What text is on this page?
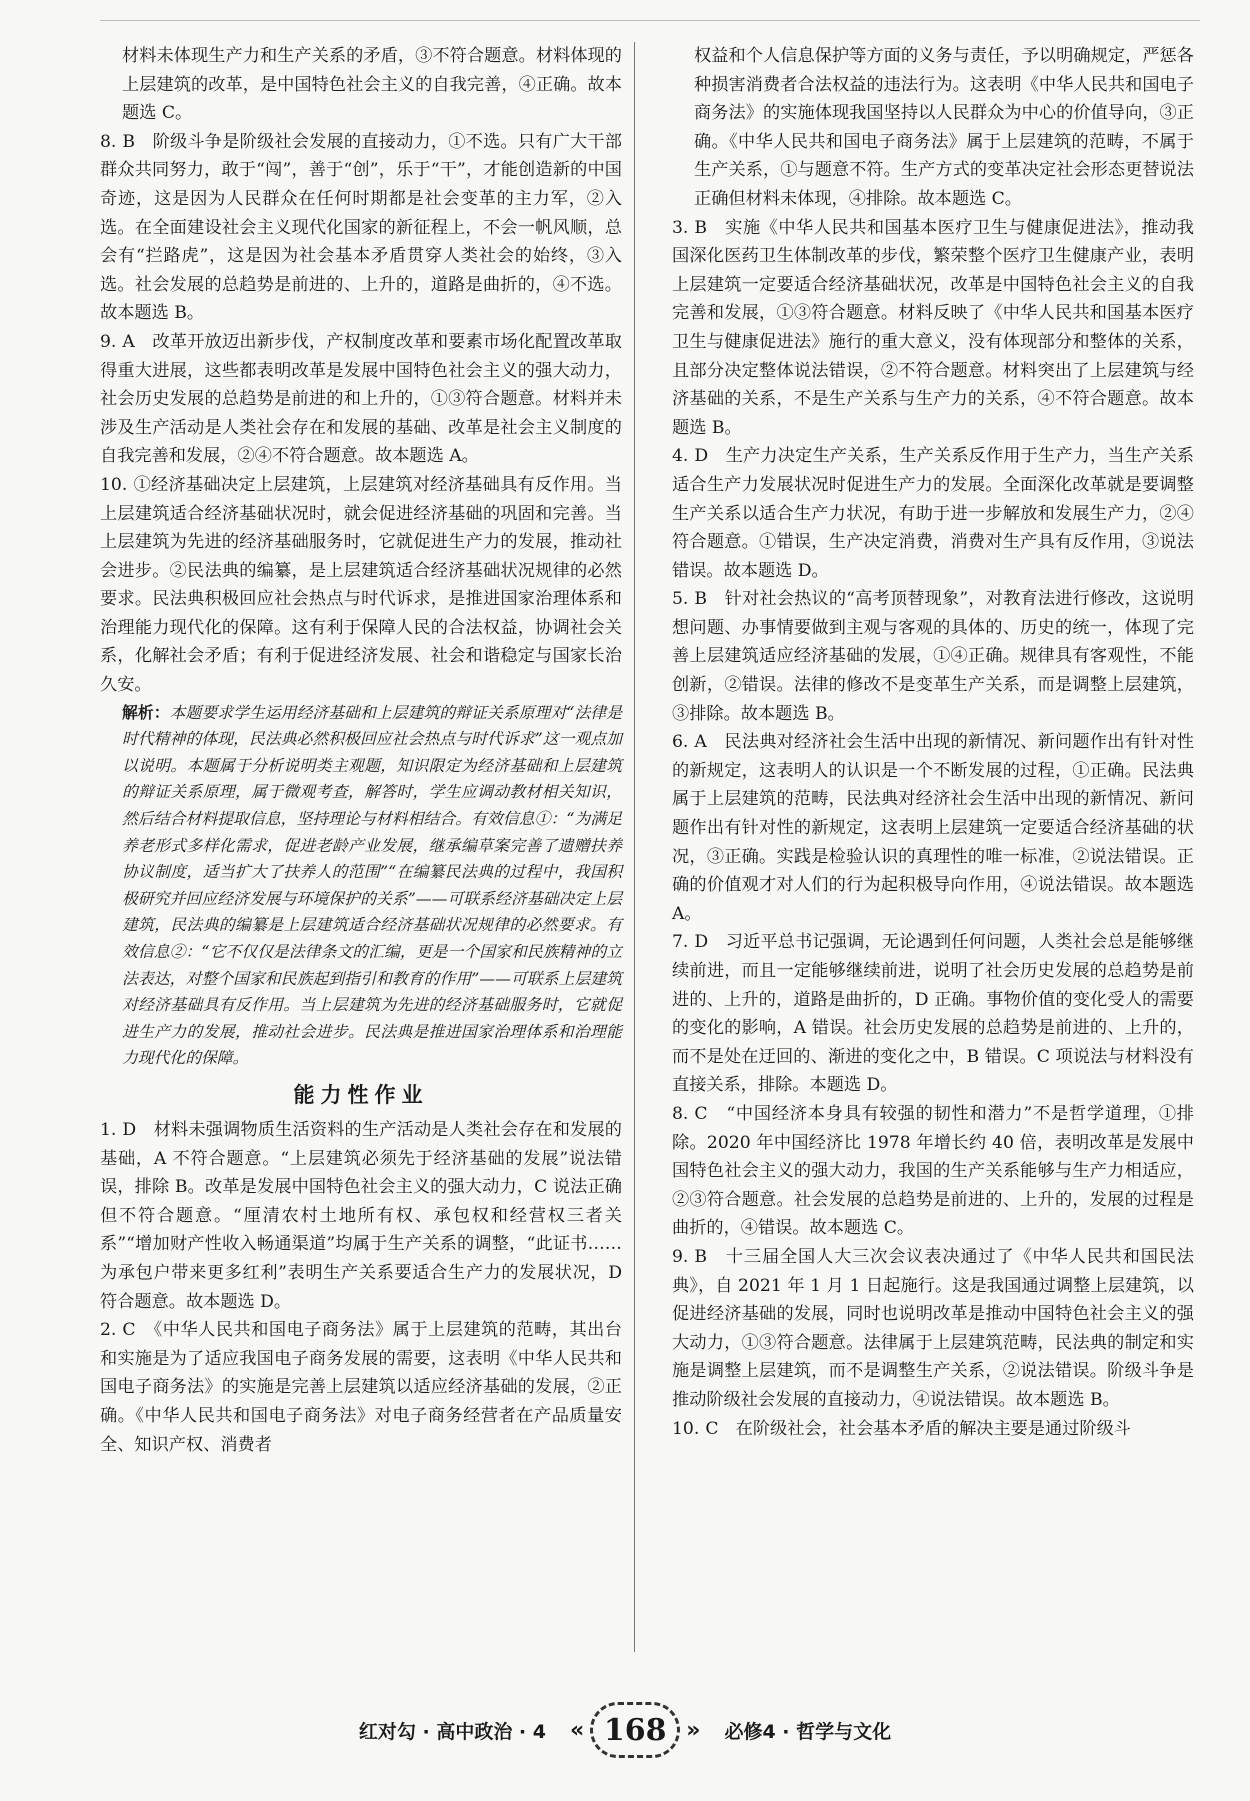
材料未体现生产力和生产关系的矛盾，③不符合题意。材料体现的上层建筑的改革，是中国特色社会主义的自我完善，④正确。故本题选 C。

8. B　阶级斗争是阶级社会发展的直接动力，①不选。只有广大干部群众共同努力，敢于“闯”，善于“创”，乐于“干”，才能创造新的中国奇迹，这是因为人民群众在任何时期都是社会变革的主力军，②入选。在全面建设社会主义现代化国家的新征程上，不会一帆风顺，总会有“拦路虎”，这是因为社会基本矛盾贯穿人类社会的始终，③入选。社会发展的总趋势是前进的、上升的，道路是曲折的，④不选。故本题选 B。

9. A　改革开放迈出新步伐，产权制度改革和要素市场化配置改革取得重大进展，这些都表明改革是发展中国特色社会主义的强大动力，社会历史发展的总趋势是前进的和上升的，①③符合题意。材料并未涉及生产活动是人类社会存在和发展的基础、改革是社会主义制度的自我完善和发展，②④不符合题意。故本题选 A。

10. ①经济基础决定上层建筑，上层建筑对经济基础具有反作用。当上层建筑适合经济基础状况时，就会促进经济基础的巩固和完善。当上层建筑为先进的经济基础服务时，它就促进生产力的发展，推动社会进步。②民法典的编纂，是上层建筑适合经济基础状况规律的必然要求。民法典积极回应社会热点与时代诉求，是推进国家治理体系和治理能力现代化的保障。这有利于保障人民的合法权益，协调社会关系，化解社会矛盾；有利于促进经济发展、社会和谐稳定与国家长治久安。

解析：本题要求学生运用经济基础和上层建筑的辩证关系原理对“法律是时代精神的体现，民法典必然积极回应社会热点与时代诉求”这一观点加以说明。本题属于分析说明类主观题，知识限定为经济基础和上层建筑的辩证关系原理，属于微观考查，解答时，学生应调动教材相关知识，然后结合材料提取信息，坚持理论与材料相结合。有效信息①：“为满足养老形式多样化需求，促进老龄产业发展，继承编草案完善了遗赠扶养协议制度，适当扩大了扶养人的范围”“在编纂民法典的过程中，我国积极研究并回应经济发展与环境保护的关系”——可联系经济基础决定上层建筑，民法典的编纂是上层建筑适合经济基础状况规律的必然要求。有效信息②：“它不仅仅是法律条文的汇编，更是一个国家和民族精神的立法表达，对整个国家和民族起到指引和教育的作用”——可联系上层建筑对经济基础具有反作用。当上层建筑为先进的经济基础服务时，它就促进生产力的发展，推动社会进步。民法典是推进国家治理体系和治理能力现代化的保障。

能力性作业

1. D　材料未强调物质生活资料的生产活动是人类社会存在和发展的基础，A 不符合题意。“上层建筑必须先于经济基础的发展”说法错误，排除 B。改革是发展中国特色社会主义的强大动力，C 说法正确但不符合题意。“厘清农村土地所有权、承包权和经营权三者关系”“增加财产性收入畅通渠道”均属于生产关系的调整，“此证书……为承包户带来更多红利”表明生产关系要适合生产力的发展状况，D 符合题意。故本题选 D。

2. C　《中华人民共和国电子商务法》属于上层建筑的范畴，其出台和实施是为了适应我国电子商务发展的需要，这表明《中华人民共和国电子商务法》的实施是完善上层建筑以适应经济基础的发展，②正确。《中华人民共和国电子商务法》对电子商务经营者在产品质量安全、知识产权、消费者

权益和个人信息保护等方面的义务与责任，予以明确规定，严惩各种损害消费者合法权益的违法行为。这表明《中华人民共和国电子商务法》的实施体现我国坚持以人民群众为中心的价值导向，③正确。《中华人民共和国电子商务法》属于上层建筑的范畴，不属于生产关系，①与题意不符。生产方式的变革决定社会形态更替说法正确但材料未体现，④排除。故本题选 C。

3. B　实施《中华人民共和国基本医疗卫生与健康促进法》，推动我国深化医药卫生体制改革的步伐，繁荣整个医疗卫生健康产业，表明上层建筑一定要适合经济基础状况，改革是中国特色社会主义的自我完善和发展，①③符合题意。材料反映了《中华人民共和国基本医疗卫生与健康促进法》施行的重大意义，没有体现部分和整体的关系，且部分决定整体说法错误，②不符合题意。材料突出了上层建筑与经济基础的关系，不是生产关系与生产力的关系，④不符合题意。故本题选 B。

4. D　生产力决定生产关系，生产关系反作用于生产力，当生产关系适合生产力发展状况时促进生产力的发展。全面深化改革就是要调整生产关系以适合生产力状况，有助于进一步解放和发展生产力，②④符合题意。①错误，生产决定消费，消费对生产具有反作用，③说法错误。故本题选 D。

5. B　针对社会热议的“高考顶替现象”，对教育法进行修改，这说明想问题、办事情要做到主观与客观的具体的、历史的统一，体现了完善上层建筑适应经济基础的发展，①④正确。规律具有客观性，不能创新，②错误。法律的修改不是变革生产关系，而是调整上层建筑，③排除。故本题选 B。

6. A　民法典对经济社会生活中出现的新情况、新问题作出有针对性的新规定，这表明人的认识是一个不断发展的过程，①正确。民法典属于上层建筑的范畴，民法典对经济社会生活中出现的新情况、新问题作出有针对性的新规定，这表明上层建筑一定要适合经济基础的状况，③正确。实践是检验认识的真理性的唯一标准，②说法错误。正确的价值观才对人们的行为起积极导向作用，④说法错误。故本题选 A。

7. D　习近平总书记强调，无论遇到任何问题，人类社会总是能够继续前进，而且一定能够继续前进，说明了社会历史发展的总趋势是前进的、上升的，道路是曲折的，D 正确。事物价值的变化受人的需要的变化的影响，A 错误。社会历史发展的总趋势是前进的、上升的，而不是处在迂回的、渐进的变化之中，B 错误。C 项说法与材料没有直接关系，排除。本题选 D。

8. C　“中国经济本身具有较强的韧性和潜力”不是哲学道理，①排除。2020 年中国经济比 1978 年增长约 40 倍，表明改革是发展中国特色社会主义的强大动力，我国的生产关系能够与生产力相适应，②③符合题意。社会发展的总趋势是前进的、上升的，发展的过程是曲折的，④错误。故本题选 C。

9. B　十三届全国人大三次会议表决通过了《中华人民共和国民法典》，自 2021 年 1 月 1 日起施行。这是我国通过调整上层建筑，以促进经济基础的发展，同时也说明改革是推动中国特色社会主义的强大动力，①③符合题意。法律属于上层建筑范畴，民法典的制定和实施是调整上层建筑，而不是调整生产关系，②说法错误。阶级斗争是推动阶级社会发展的直接动力，④说法错误。故本题选 B。

10. C　在阶级社会，社会基本矛盾的解决主要是通过阶级斗

红对勾 · 高中政治 · 4 « 168 » 必修4 · 哲学与文化
